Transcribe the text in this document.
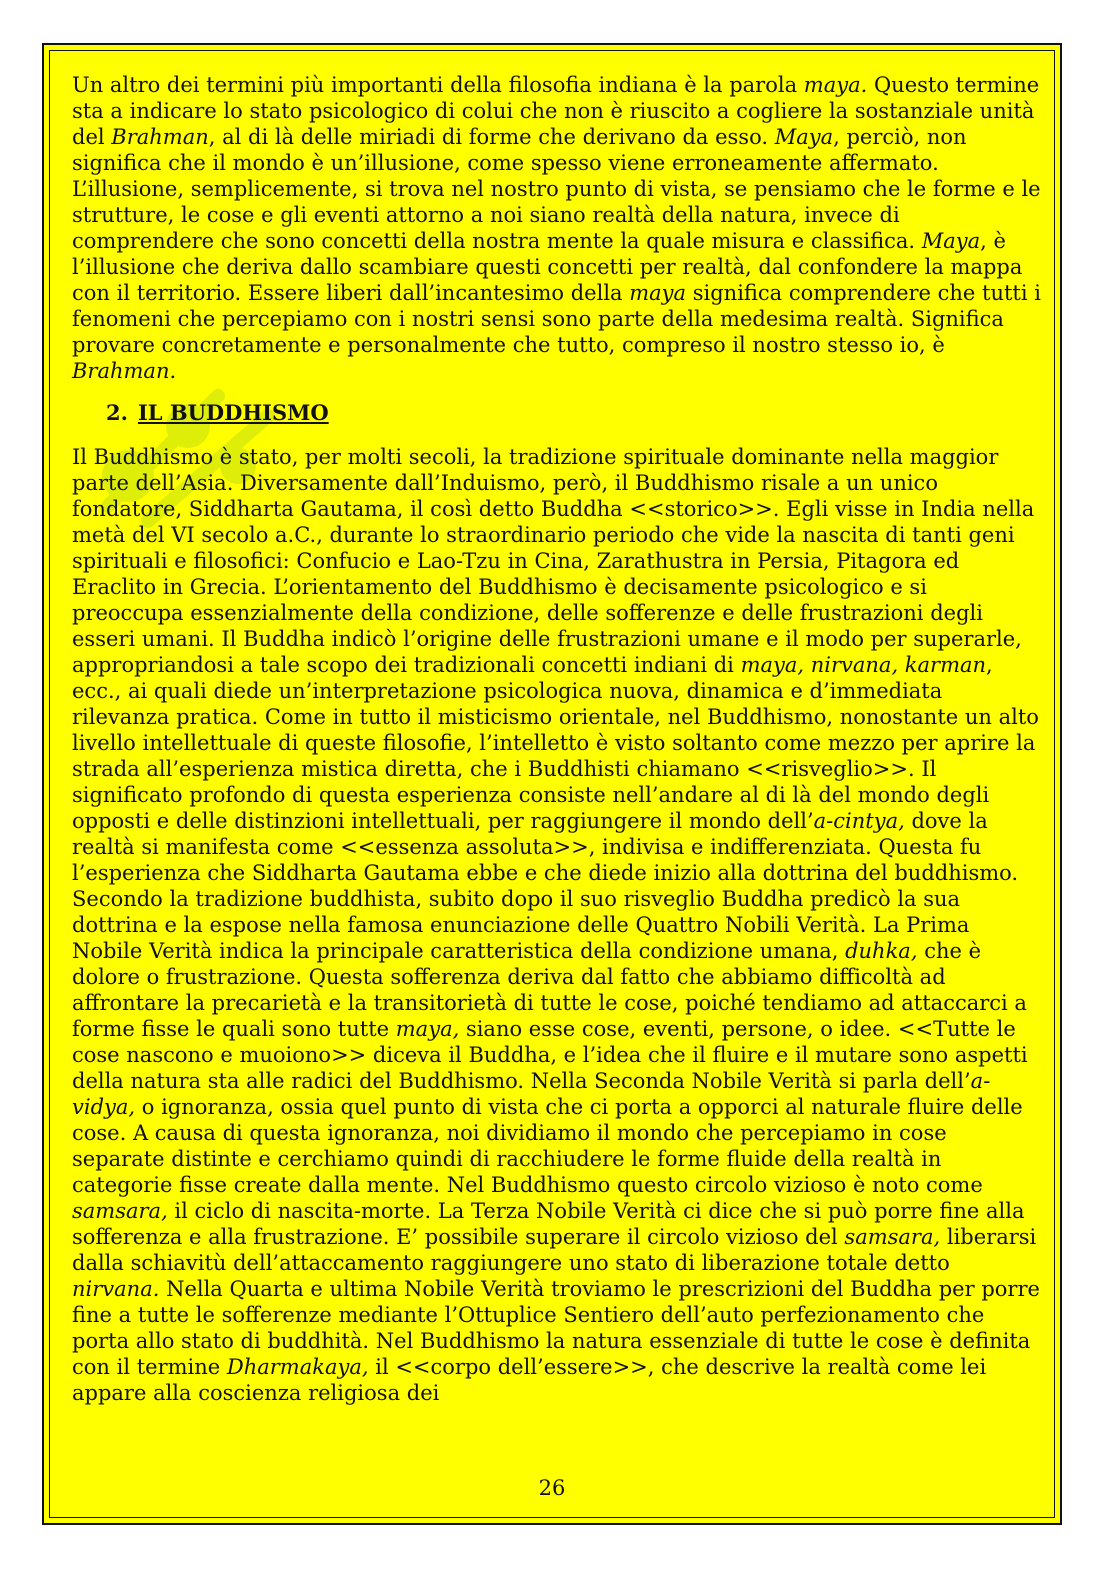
Un altro dei termini più importanti della filosofia indiana è la parola maya. Questo termine sta a indicare lo stato psicologico di colui che non è riuscito a cogliere la sostanziale unità del Brahman, al di là delle miriadi di forme che derivano da esso. Maya, perciò, non significa che il mondo è un’illusione, come spesso viene erroneamente affermato. L’illusione, semplicemente, si trova nel nostro punto di vista, se pensiamo che le forme e le strutture, le cose e gli eventi attorno a noi siano realtà della natura, invece di comprendere che sono concetti della nostra mente la quale misura e classifica. Maya, è l’illusione che deriva dallo scambiare questi concetti per realtà, dal confondere la mappa con il territorio. Essere liberi dall’incantesimo della maya significa comprendere che tutti i fenomeni che percepiamo con i nostri sensi sono parte della medesima realtà. Significa provare concretamente e personalmente che tutto, compreso il nostro stesso io, è Brahman.

2. IL BUDDHISMO

Il Buddhismo è stato, per molti secoli, la tradizione spirituale dominante nella maggior parte dell’Asia. Diversamente dall’Induismo, però, il Buddhismo risale a un unico fondatore, Siddharta Gautama, il così detto Buddha <<storico>>. Egli visse in India nella metà del VI secolo a.C., durante lo straordinario periodo che vide la nascita di tanti geni spirituali e filosofici: Confucio e Lao-Tzu in Cina, Zarathustra in Persia, Pitagora ed Eraclito in Grecia. L’orientamento del Buddhismo è decisamente psicologico e si preoccupa essenzialmente della condizione, delle sofferenze e delle frustrazioni degli esseri umani. Il Buddha indicò l’origine delle frustrazioni umane e il modo per superarle, appropriandosi a tale scopo dei tradizionali concetti indiani di maya, nirvana, karman, ecc., ai quali diede un’interpretazione psicologica nuova, dinamica e d’immediata rilevanza pratica. Come in tutto il misticismo orientale, nel Buddhismo, nonostante un alto livello intellettuale di queste filosofie, l’intelletto è visto soltanto come mezzo per aprire la strada all’esperienza mistica diretta, che i Buddhisti chiamano <<risveglio>>. Il significato profondo di questa esperienza consiste nell’andare al di là del mondo degli opposti e delle distinzioni intellettuali, per raggiungere il mondo dell’a-cintya, dove la realtà si manifesta come <<essenza assoluta>>, indivisa e indifferenziata. Questa fu l’esperienza che Siddharta Gautama ebbe e che diede inizio alla dottrina del buddhismo. Secondo la tradizione buddhista, subito dopo il suo risveglio Buddha predicò la sua dottrina e la espose nella famosa enunciazione delle Quattro Nobili Verità. La Prima Nobile Verità indica la principale caratteristica della condizione umana, duhka, che è dolore o frustrazione. Questa sofferenza deriva dal fatto che abbiamo difficoltà ad affrontare la precarietà e la transitorietà di tutte le cose, poiché tendiamo ad attaccarci a forme fisse le quali sono tutte maya, siano esse cose, eventi, persone, o idee. <<Tutte le cose nascono e muoiono>> diceva il Buddha, e l’idea che il fluire e il mutare sono aspetti della natura sta alle radici del Buddhismo. Nella Seconda Nobile Verità si parla dell’a-vidya, o ignoranza, ossia quel punto di vista che ci porta a opporci al naturale fluire delle cose. A causa di questa ignoranza, noi dividiamo il mondo che percepiamo in cose separate distinte e cerchiamo quindi di racchiudere le forme fluide della realtà in categorie fisse create dalla mente. Nel Buddhismo questo circolo vizioso è noto come samsara, il ciclo di nascita-morte. La Terza Nobile Verità ci dice che si può porre fine alla sofferenza e alla frustrazione. E’ possibile superare il circolo vizioso del samsara, liberarsi dalla schiavitù dell’attaccamento raggiungere uno stato di liberazione totale detto nirvana. Nella Quarta e ultima Nobile Verità troviamo le prescrizioni del Buddha per porre fine a tutte le sofferenze mediante l’Ottuplice Sentiero dell’auto perfezionamento che porta allo stato di buddhità. Nel Buddhismo la natura essenziale di tutte le cose è definita con il termine Dharmakaya, il <<corpo dell’essere>>, che descrive la realtà come lei appare alla coscienza religiosa dei

26
